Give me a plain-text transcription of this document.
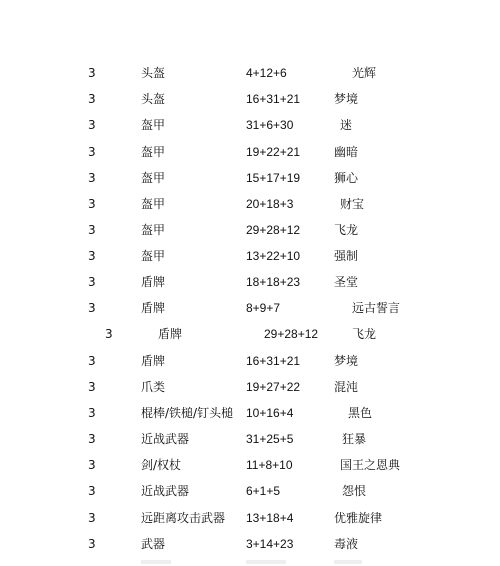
3	头盔	4+12+6	光辉
3	头盔	16+31+21	梦境
3	盔甲	31+6+30	迷
3	盔甲	19+22+21	幽暗
3	盔甲	15+17+19	狮心
3	盔甲	20+18+3	财宝
3	盔甲	29+28+12	飞龙
3	盔甲	13+22+10	强制
3	盾牌	18+18+23	圣堂
3	盾牌	8+9+7	远古誓言
3	盾牌	29+28+12	飞龙
3	盾牌	16+31+21	梦境
3	爪类	19+27+22	混沌
3	棍棒/铁槌/钉头槌 10+16+4	黑色
3	近战武器	31+25+5	狂暴
3	剑/权杖	11+8+10	国王之恩典
3	近战武器	6+1+5	怨恨
3	远距离攻击武器 13+18+4	优雅旋律
3	武器	3+14+23	毒液
